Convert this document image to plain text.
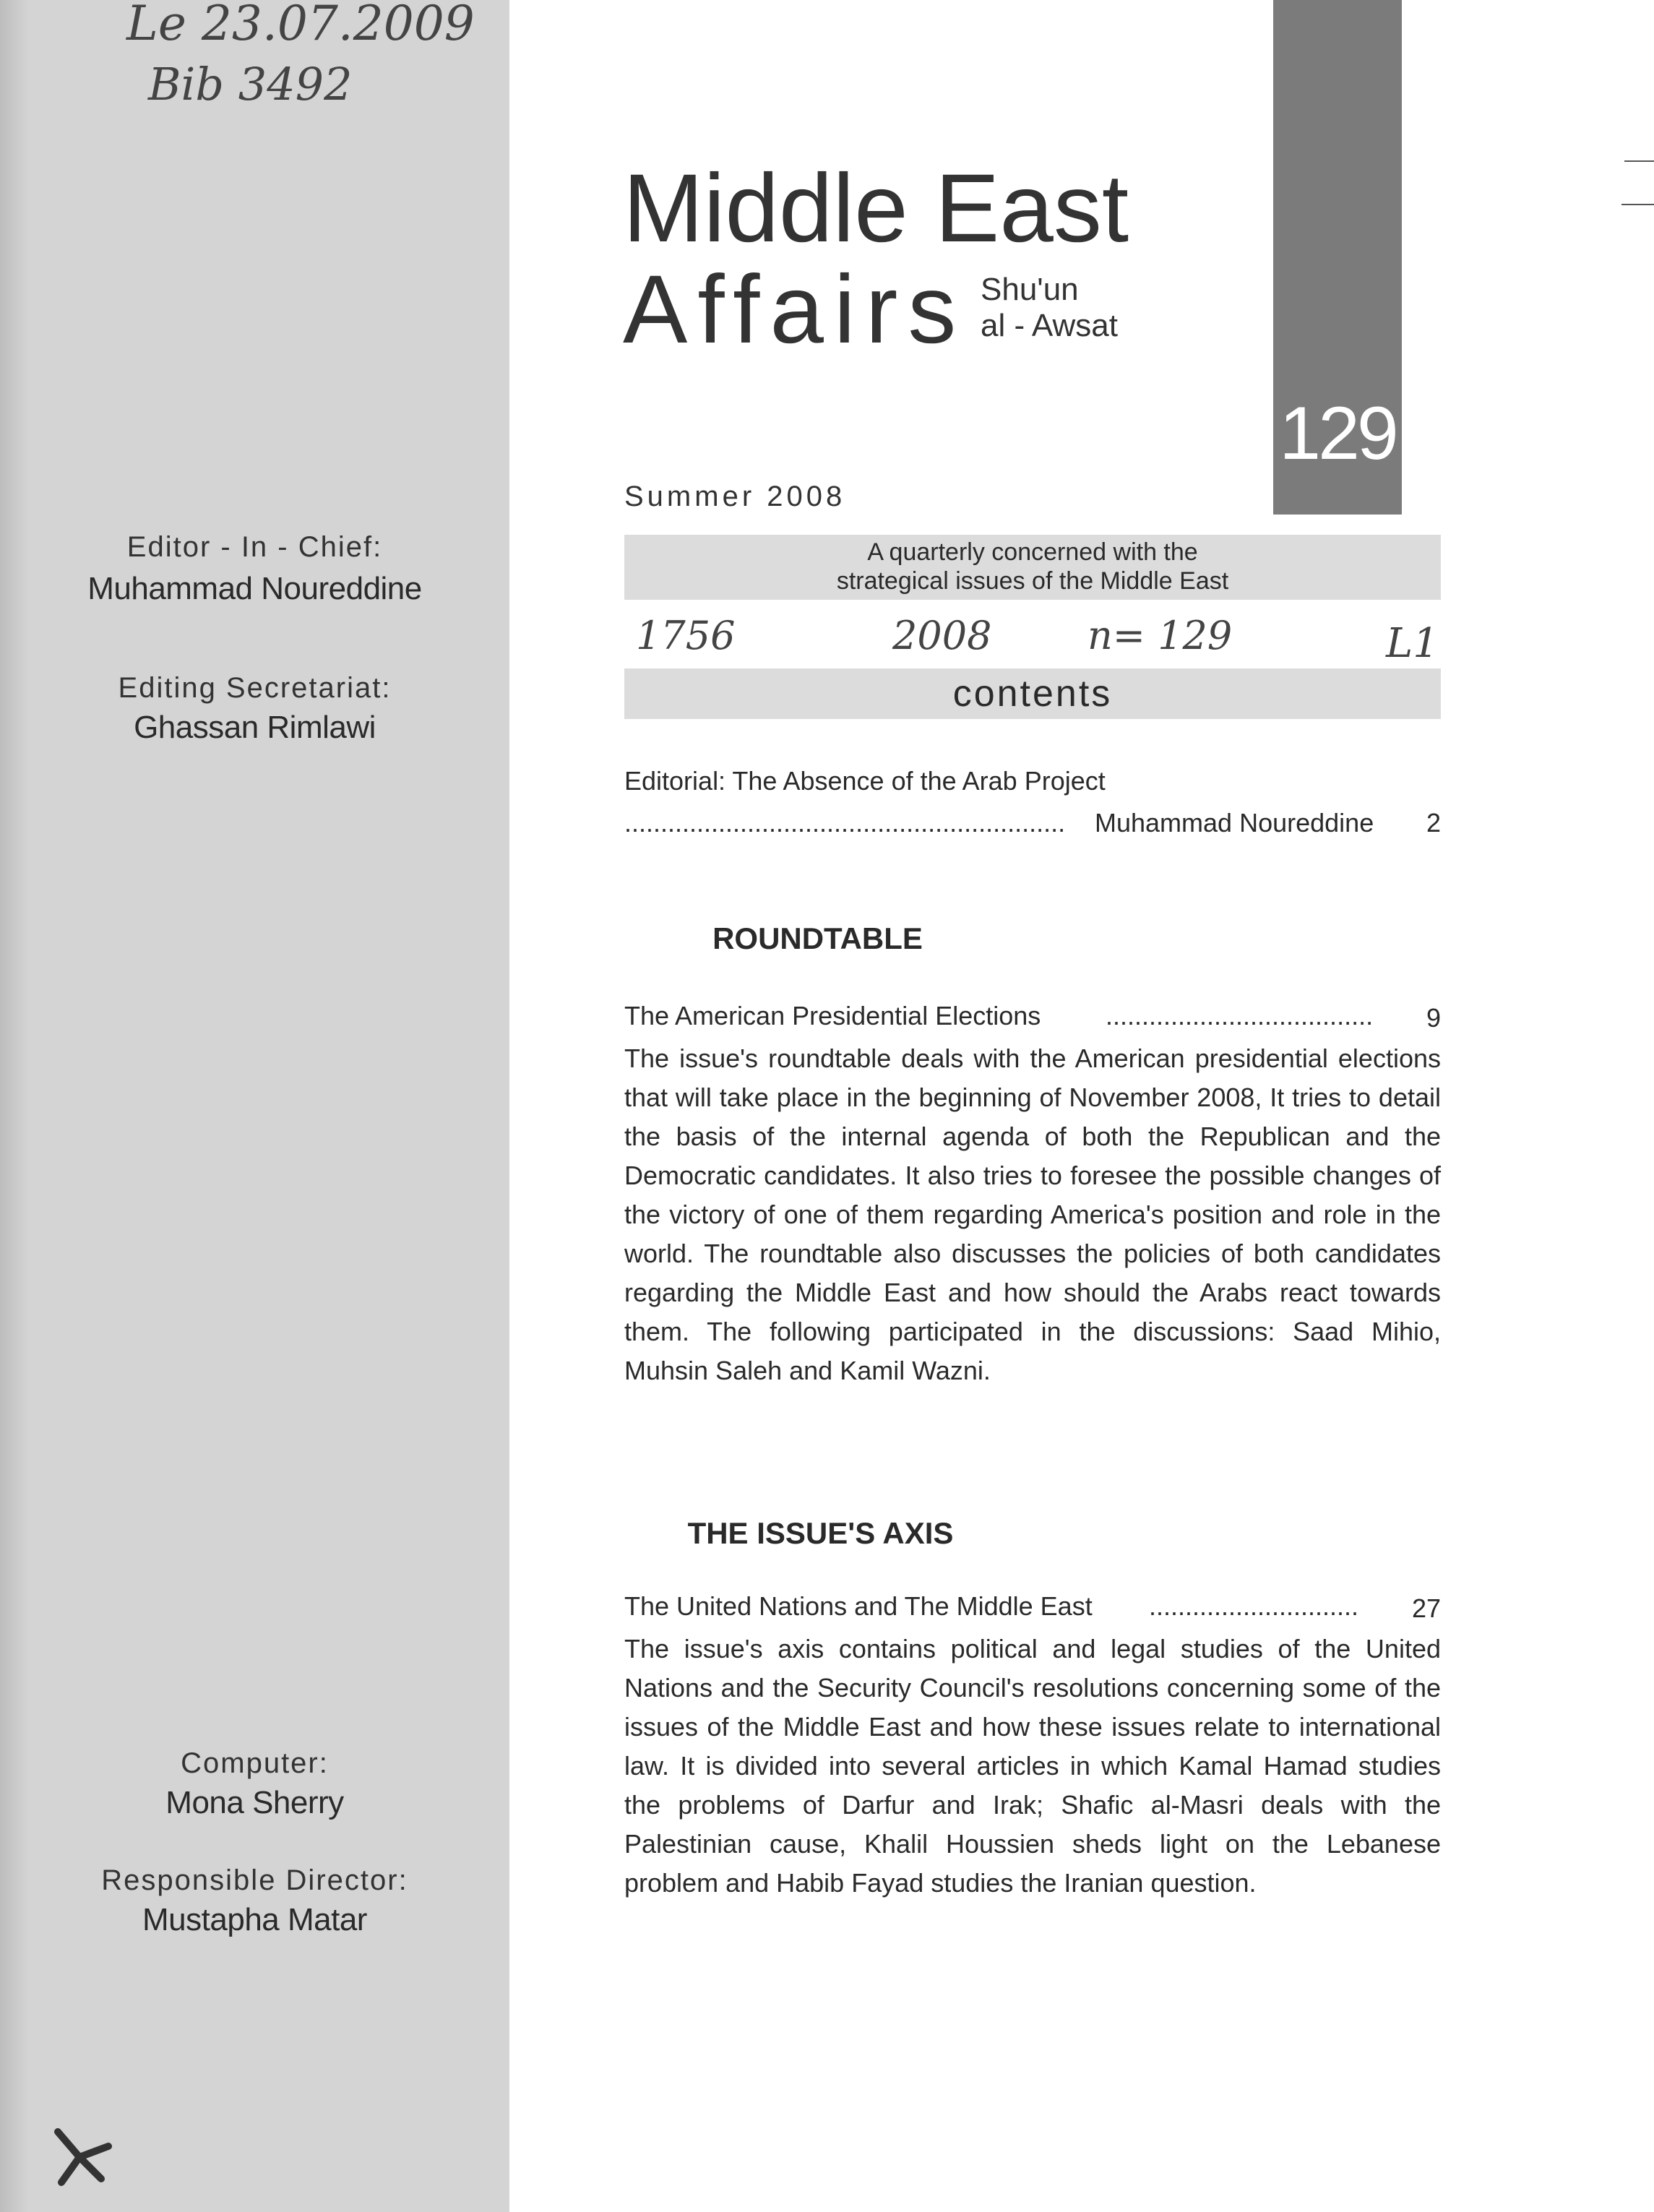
Le 23.07.2009
Bib 3492
Editor - In - Chief:
Muhammad Noureddine
Editing Secretariat:
Ghassan Rimlawi
Computer:
Mona Sherry
Responsible Director:
Mustapha Matar
129
Middle East
Affairs Shu'un
al - Awsat
Summer 2008
A quarterly concerned with the
strategical issues of the Middle East
1756	2008 n= 129	L1
contents
Editorial: The Absence of the Arab Project
............................................................. Muhammad Noureddine	2
ROUNDTABLE
The American Presidential Elections .....................................	9
The issue's roundtable deals with the American presidential elections that will take place in the beginning of November 2008, It tries to detail the basis of the internal agenda of both the Republican and the Democratic candidates. It also tries to foresee the possible changes of the victory of one of them regarding America's position and role in the world. The roundtable also discusses the policies of both candidates regarding the Middle East and how should the Arabs react towards them. The following participated in the discussions: Saad Mihio, Muhsin Saleh and Kamil Wazni.
THE ISSUE'S AXIS
The United Nations and The Middle East .............................	27
The issue's axis contains political and legal studies of the United Nations and the Security Council's resolutions concerning some of the issues of the Middle East and how these issues relate to international law. It is divided into several articles in which Kamal Hamad studies the problems of Darfur and Irak; Shafic al-Masri deals with the Palestinian cause, Khalil Houssien sheds light on the Lebanese problem and Habib Fayad studies the Iranian question.
